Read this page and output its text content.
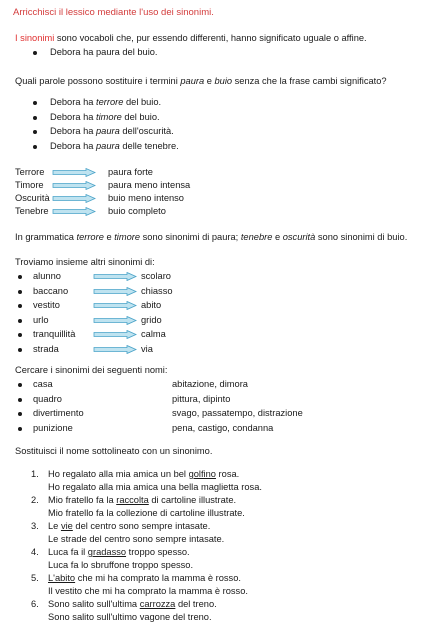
Arricchisci il lessico mediante l'uso dei sinonimi.
I sinonimi sono vocaboli che, pur essendo differenti, hanno significato uguale o affine.
Debora ha paura del buio.
Quali parole possono sostituire i termini paura e buio senza che la frase cambi significato?
Debora ha terrore del buio.
Debora ha timore del buio.
Debora ha paura dell'oscurità.
Debora ha paura delle tenebre.
Terrore	paura forte
Timore	paura meno intensa
Oscurità	buio meno intenso
Tenebre	buio completo
In grammatica terrore e timore sono sinonimi di paura; tenebre e oscurità sono sinonimi di buio.
Troviamo insieme altri sinonimi di:
alunno	scolaro
baccano	chiasso
vestito	abito
urlo	grido
tranquillità	calma
strada	via
Cercare i sinonimi dei seguenti nomi:
casa	abitazione, dimora
quadro	pittura, dipinto
divertimento	svago, passatempo, distrazione
punizione	pena, castigo, condanna
Sostituisci il nome sottolineato con un sinonimo.
1. Ho regalato alla mia amica un bel golfino rosa.
Ho regalato alla mia amica una bella maglietta rosa.
2. Mio fratello fa la raccolta di cartoline illustrate.
Mio fratello fa la collezione di cartoline illustrate.
3. Le vie del centro sono sempre intasate.
Le strade del centro sono sempre intasate.
4. Luca fa il gradasso troppo spesso.
Luca fa lo sbruffone troppo spesso.
5. L'abito che mi ha comprato la mamma è rosso.
Il vestito che mi ha comprato la mamma è rosso.
6. Sono salito sull'ultima carrozza del treno.
Sono salito sull'ultimo vagone del treno.
